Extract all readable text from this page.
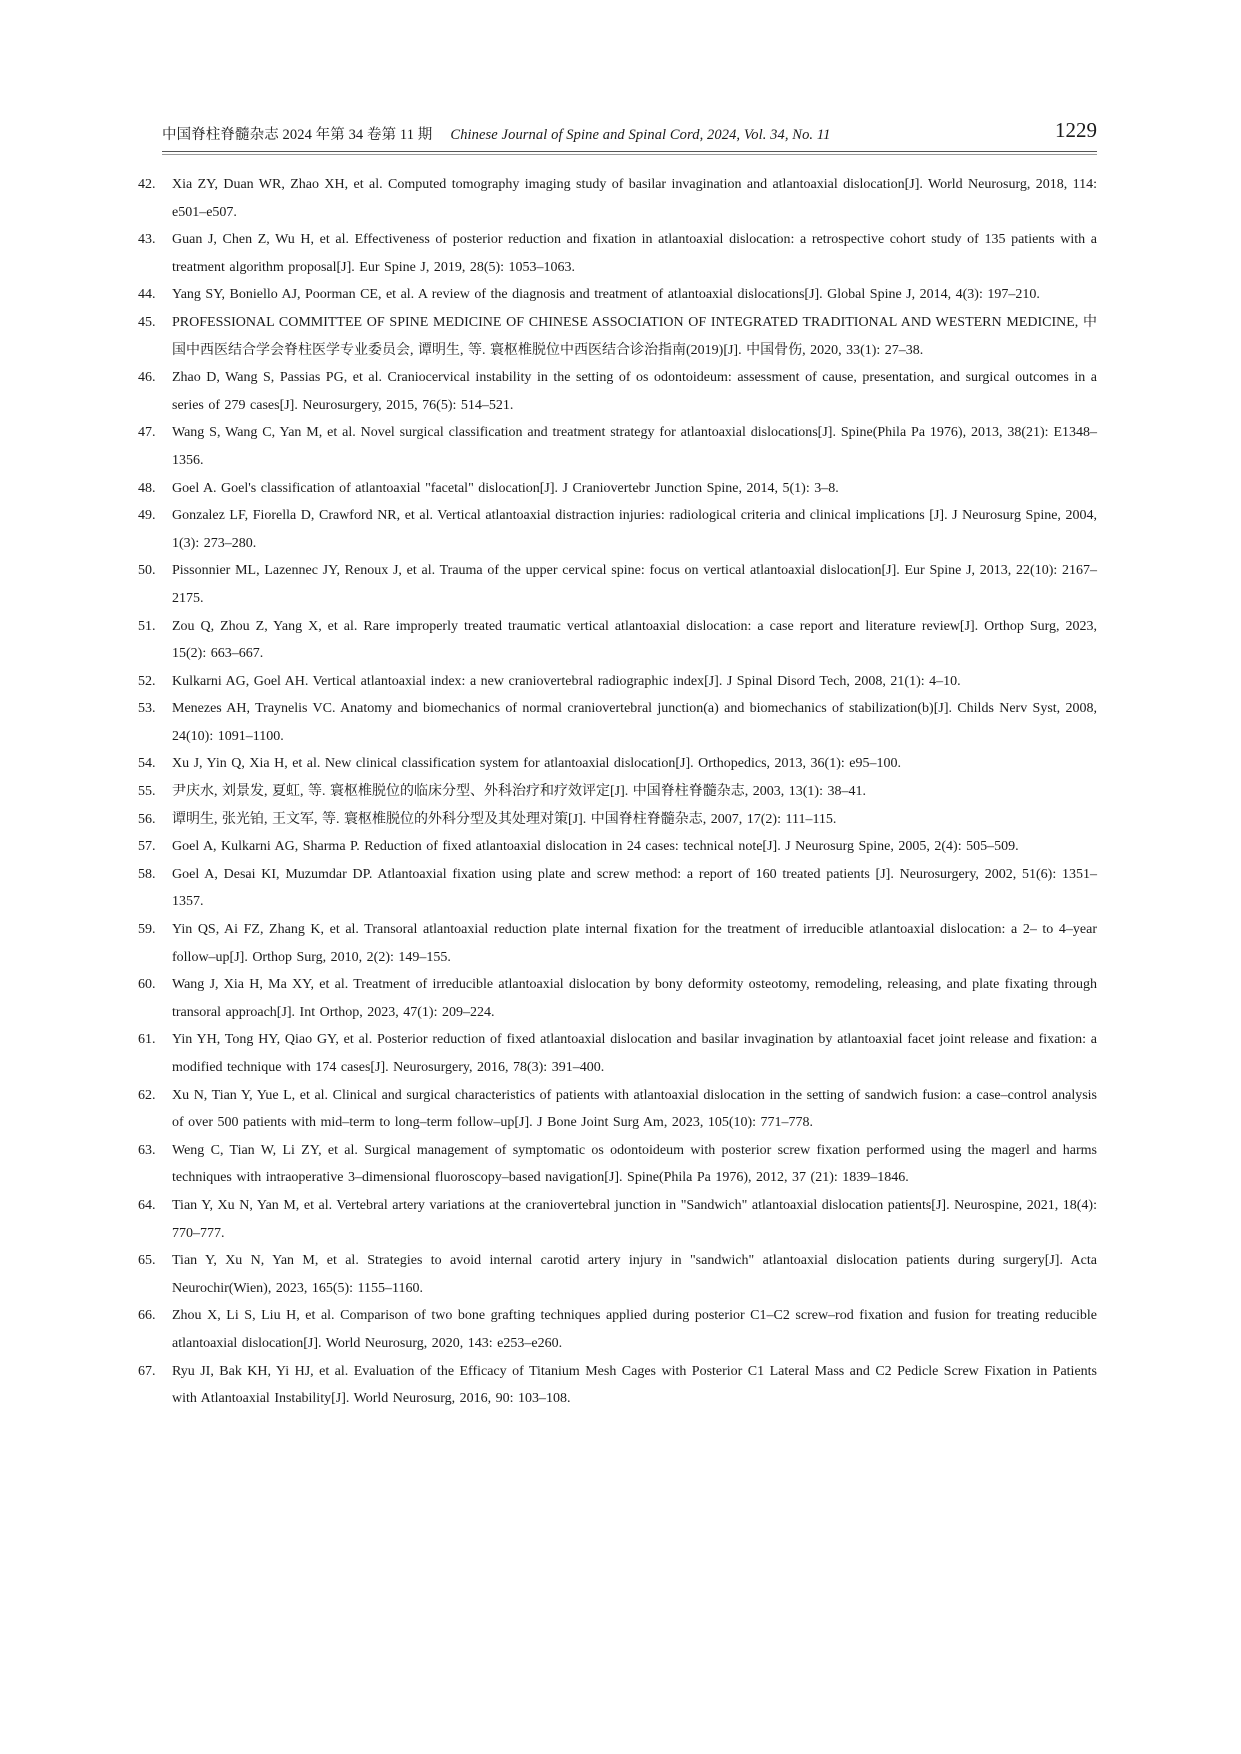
中国脊柱脊髓杂志 2024 年第 34 卷第 11 期 Chinese Journal of Spine and Spinal Cord, 2024, Vol. 34, No. 11	1229
42.	Xia ZY, Duan WR, Zhao XH, et al. Computed tomography imaging study of basilar invagination and atlantoaxial dislocation[J]. World Neurosurg, 2018, 114: e501–e507.
43.	Guan J, Chen Z, Wu H, et al. Effectiveness of posterior reduction and fixation in atlantoaxial dislocation: a retrospective cohort study of 135 patients with a treatment algorithm proposal[J]. Eur Spine J, 2019, 28(5): 1053–1063.
44.	Yang SY, Boniello AJ, Poorman CE, et al. A review of the diagnosis and treatment of atlantoaxial dislocations[J]. Global Spine J, 2014, 4(3): 197–210.
45.	PROFESSIONAL COMMITTEE OF SPINE MEDICINE OF CHINESE ASSOCIATION OF INTEGRATED TRADITIONAL AND WESTERN MEDICINE, 中国中西医结合学会脊柱医学专业委员会, 谭明生, 等. 寰枢椎脱位中西医结合诊治指南(2019)[J]. 中国骨伤, 2020, 33(1): 27–38.
46.	Zhao D, Wang S, Passias PG, et al. Craniocervical instability in the setting of os odontoideum: assessment of cause, presentation, and surgical outcomes in a series of 279 cases[J]. Neurosurgery, 2015, 76(5): 514–521.
47.	Wang S, Wang C, Yan M, et al. Novel surgical classification and treatment strategy for atlantoaxial dislocations[J]. Spine(Phila Pa 1976), 2013, 38(21): E1348–1356.
48.	Goel A. Goel's classification of atlantoaxial "facetal" dislocation[J]. J Craniovertebr Junction Spine, 2014, 5(1): 3–8.
49.	Gonzalez LF, Fiorella D, Crawford NR, et al. Vertical atlantoaxial distraction injuries: radiological criteria and clinical implications [J]. J Neurosurg Spine, 2004, 1(3): 273–280.
50.	Pissonnier ML, Lazennec JY, Renoux J, et al. Trauma of the upper cervical spine: focus on vertical atlantoaxial dislocation[J]. Eur Spine J, 2013, 22(10): 2167–2175.
51.	Zou Q, Zhou Z, Yang X, et al. Rare improperly treated traumatic vertical atlantoaxial dislocation: a case report and literature review[J]. Orthop Surg, 2023, 15(2): 663–667.
52.	Kulkarni AG, Goel AH. Vertical atlantoaxial index: a new craniovertebral radiographic index[J]. J Spinal Disord Tech, 2008, 21(1): 4–10.
53.	Menezes AH, Traynelis VC. Anatomy and biomechanics of normal craniovertebral junction(a) and biomechanics of stabilization(b)[J]. Childs Nerv Syst, 2008, 24(10): 1091–1100.
54.	Xu J, Yin Q, Xia H, et al. New clinical classification system for atlantoaxial dislocation[J]. Orthopedics, 2013, 36(1): e95–100.
55.	尹庆水, 刘景发, 夏虹, 等. 寰枢椎脱位的临床分型、外科治疗和疗效评定[J]. 中国脊柱脊髓杂志, 2003, 13(1): 38–41.
56.	谭明生, 张光铂, 王文军, 等. 寰枢椎脱位的外科分型及其处理对策[J]. 中国脊柱脊髓杂志, 2007, 17(2): 111–115.
57.	Goel A, Kulkarni AG, Sharma P. Reduction of fixed atlantoaxial dislocation in 24 cases: technical note[J]. J Neurosurg Spine, 2005, 2(4): 505–509.
58.	Goel A, Desai KI, Muzumdar DP. Atlantoaxial fixation using plate and screw method: a report of 160 treated patients [J]. Neurosurgery, 2002, 51(6): 1351–1357.
59.	Yin QS, Ai FZ, Zhang K, et al. Transoral atlantoaxial reduction plate internal fixation for the treatment of irreducible atlantoaxial dislocation: a 2– to 4–year follow–up[J]. Orthop Surg, 2010, 2(2): 149–155.
60.	Wang J, Xia H, Ma XY, et al. Treatment of irreducible atlantoaxial dislocation by bony deformity osteotomy, remodeling, releasing, and plate fixating through transoral approach[J]. Int Orthop, 2023, 47(1): 209–224.
61.	Yin YH, Tong HY, Qiao GY, et al. Posterior reduction of fixed atlantoaxial dislocation and basilar invagination by atlantoaxial facet joint release and fixation: a modified technique with 174 cases[J]. Neurosurgery, 2016, 78(3): 391–400.
62.	Xu N, Tian Y, Yue L, et al. Clinical and surgical characteristics of patients with atlantoaxial dislocation in the setting of sandwich fusion: a case–control analysis of over 500 patients with mid–term to long–term follow–up[J]. J Bone Joint Surg Am, 2023, 105(10): 771–778.
63.	Weng C, Tian W, Li ZY, et al. Surgical management of symptomatic os odontoideum with posterior screw fixation performed using the magerl and harms techniques with intraoperative 3–dimensional fluoroscopy–based navigation[J]. Spine(Phila Pa 1976), 2012, 37 (21): 1839–1846.
64.	Tian Y, Xu N, Yan M, et al. Vertebral artery variations at the craniovertebral junction in "Sandwich" atlantoaxial dislocation patients[J]. Neurospine, 2021, 18(4): 770–777.
65.	Tian Y, Xu N, Yan M, et al. Strategies to avoid internal carotid artery injury in "sandwich" atlantoaxial dislocation patients during surgery[J]. Acta Neurochir(Wien), 2023, 165(5): 1155–1160.
66.	Zhou X, Li S, Liu H, et al. Comparison of two bone grafting techniques applied during posterior C1–C2 screw–rod fixation and fusion for treating reducible atlantoaxial dislocation[J]. World Neurosurg, 2020, 143: e253–e260.
67.	Ryu JI, Bak KH, Yi HJ, et al. Evaluation of the Efficacy of Titanium Mesh Cages with Posterior C1 Lateral Mass and C2 Pedicle Screw Fixation in Patients with Atlantoaxial Instability[J]. World Neurosurg, 2016, 90: 103–108.
